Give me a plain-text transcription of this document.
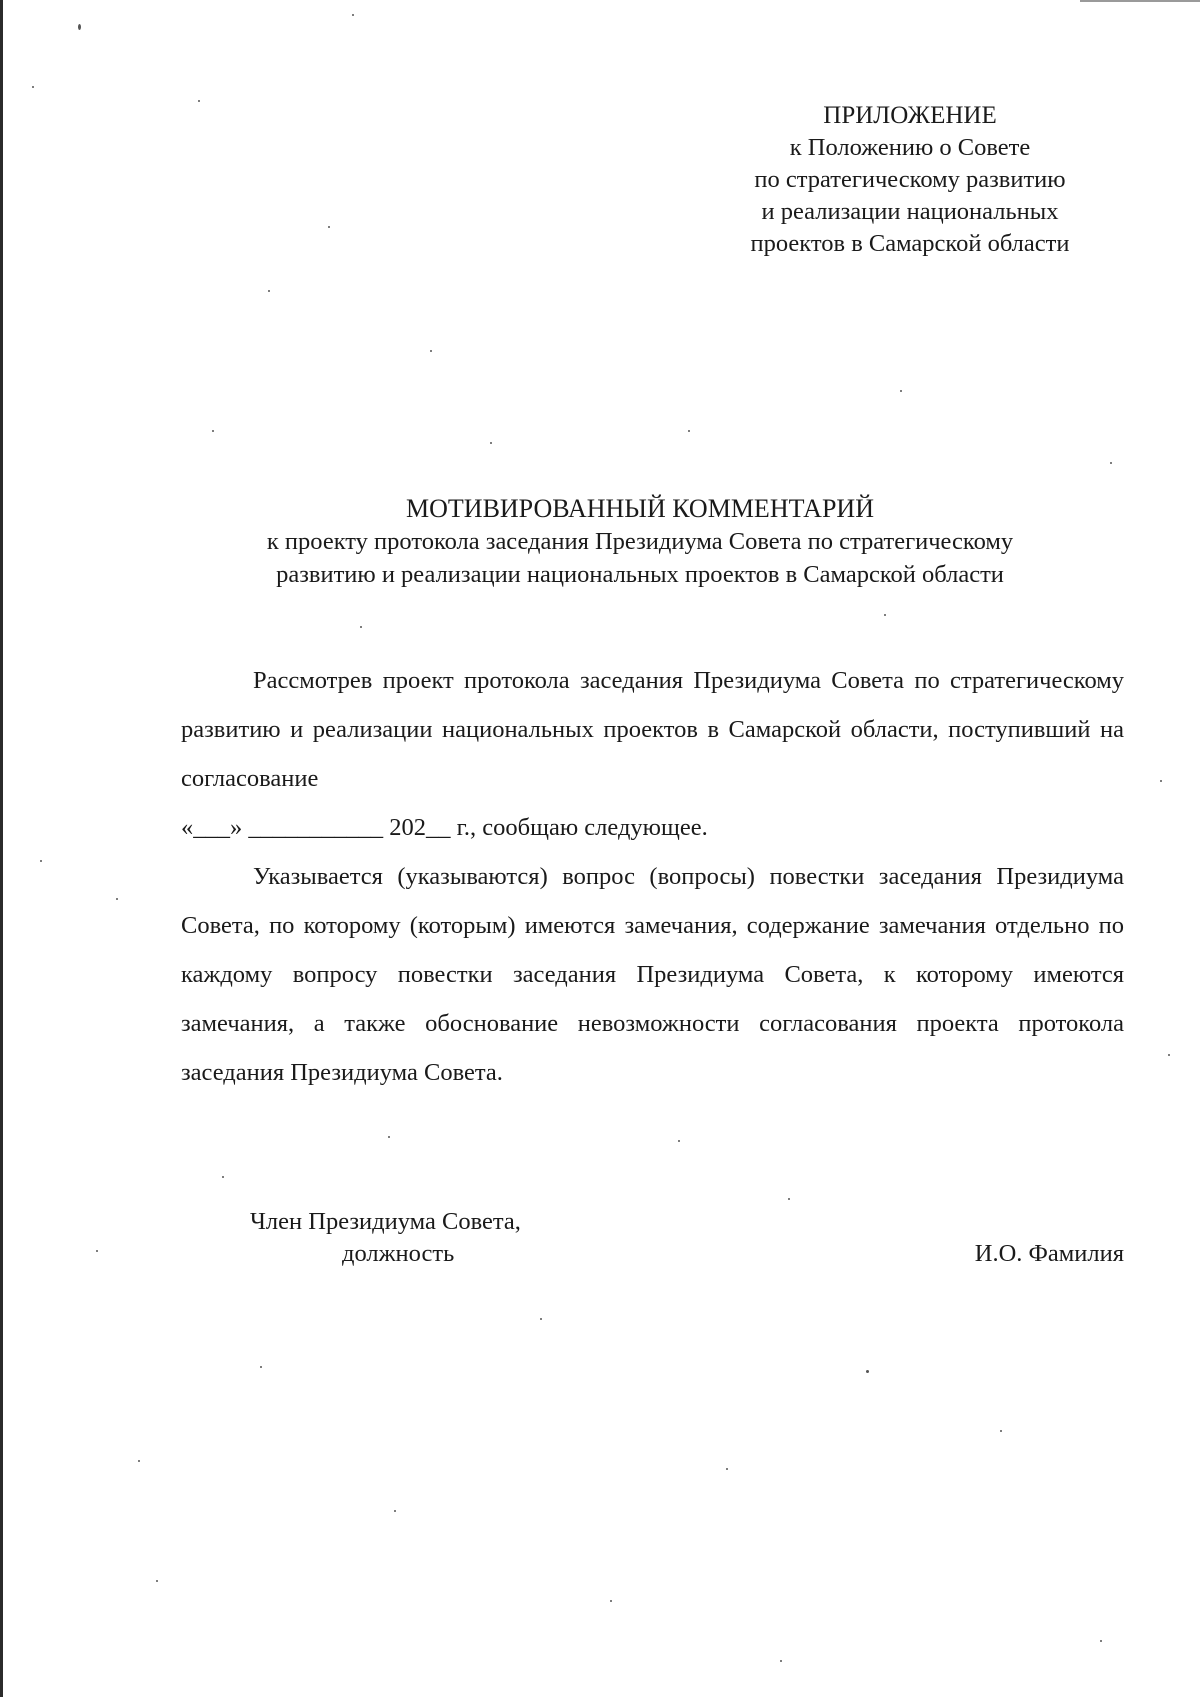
ПРИЛОЖЕНИЕ
к Положению о Совете
по стратегическому развитию
и реализации национальных
проектов в Самарской области
МОТИВИРОВАННЫЙ КОММЕНТАРИЙ
к проекту протокола заседания Президиума Совета по стратегическому
развитию и реализации национальных проектов в Самарской области

Рассмотрев проект протокола заседания Президиума Совета по стратегическому развитию и реализации национальных проектов в Самарской области, поступивший на согласование

«___» ___________ 202__ г., сообщаю следующее.

Указывается (указываются) вопрос (вопросы) повестки заседания Президиума Совета, по которому (которым) имеются замечания, содержание замечания отдельно по каждому вопросу повестки заседания Президиума Совета, к которому имеются замечания, а также обоснование невозможности согласования проекта протокола заседания Президиума Совета.

Член Президиума Совета,
должность	И.О. Фамилия
